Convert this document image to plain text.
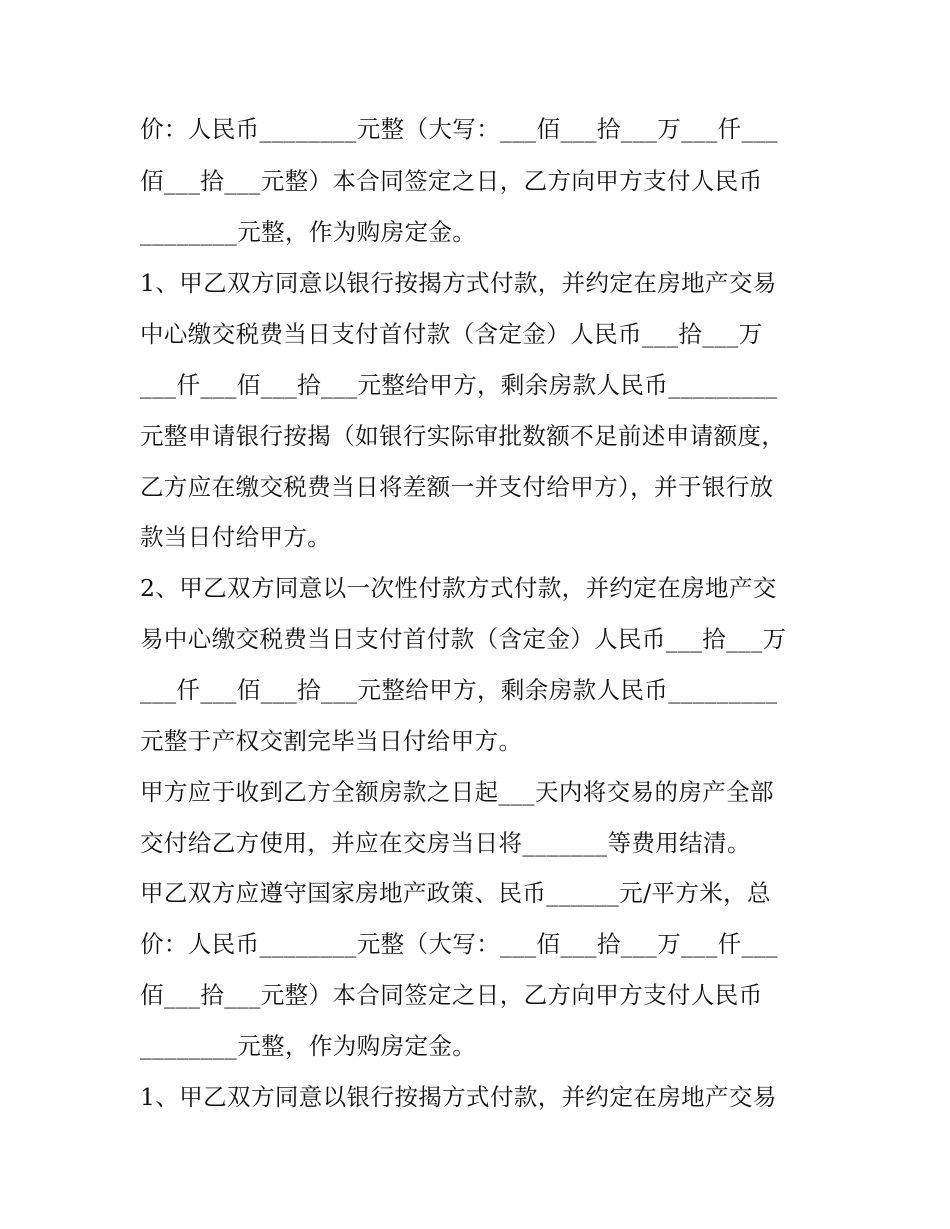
价：人民币________元整（大写：___佰___拾___万___仟___
佰___拾___元整）本合同签定之日，乙方向甲方支付人民币
________元整，作为购房定金。
1、甲乙双方同意以银行按揭方式付款，并约定在房地产交易
中心缴交税费当日支付首付款（含定金）人民币___拾___万
___仟___佰___拾___元整给甲方，剩余房款人民币_________
元整申请银行按揭（如银行实际审批数额不足前述申请额度，
乙方应在缴交税费当日将差额一并支付给甲方），并于银行放
款当日付给甲方。
2、甲乙双方同意以一次性付款方式付款，并约定在房地产交
易中心缴交税费当日支付首付款（含定金）人民币___拾___万
___仟___佰___拾___元整给甲方，剩余房款人民币_________
元整于产权交割完毕当日付给甲方。
甲方应于收到乙方全额房款之日起___天内将交易的房产全部
交付给乙方使用，并应在交房当日将_______等费用结清。
甲乙双方应遵守国家房地产政策、民币______元/平方米，总
价：人民币________元整（大写：___佰___拾___万___仟___
佰___拾___元整）本合同签定之日，乙方向甲方支付人民币
________元整，作为购房定金。
1、甲乙双方同意以银行按揭方式付款，并约定在房地产交易
